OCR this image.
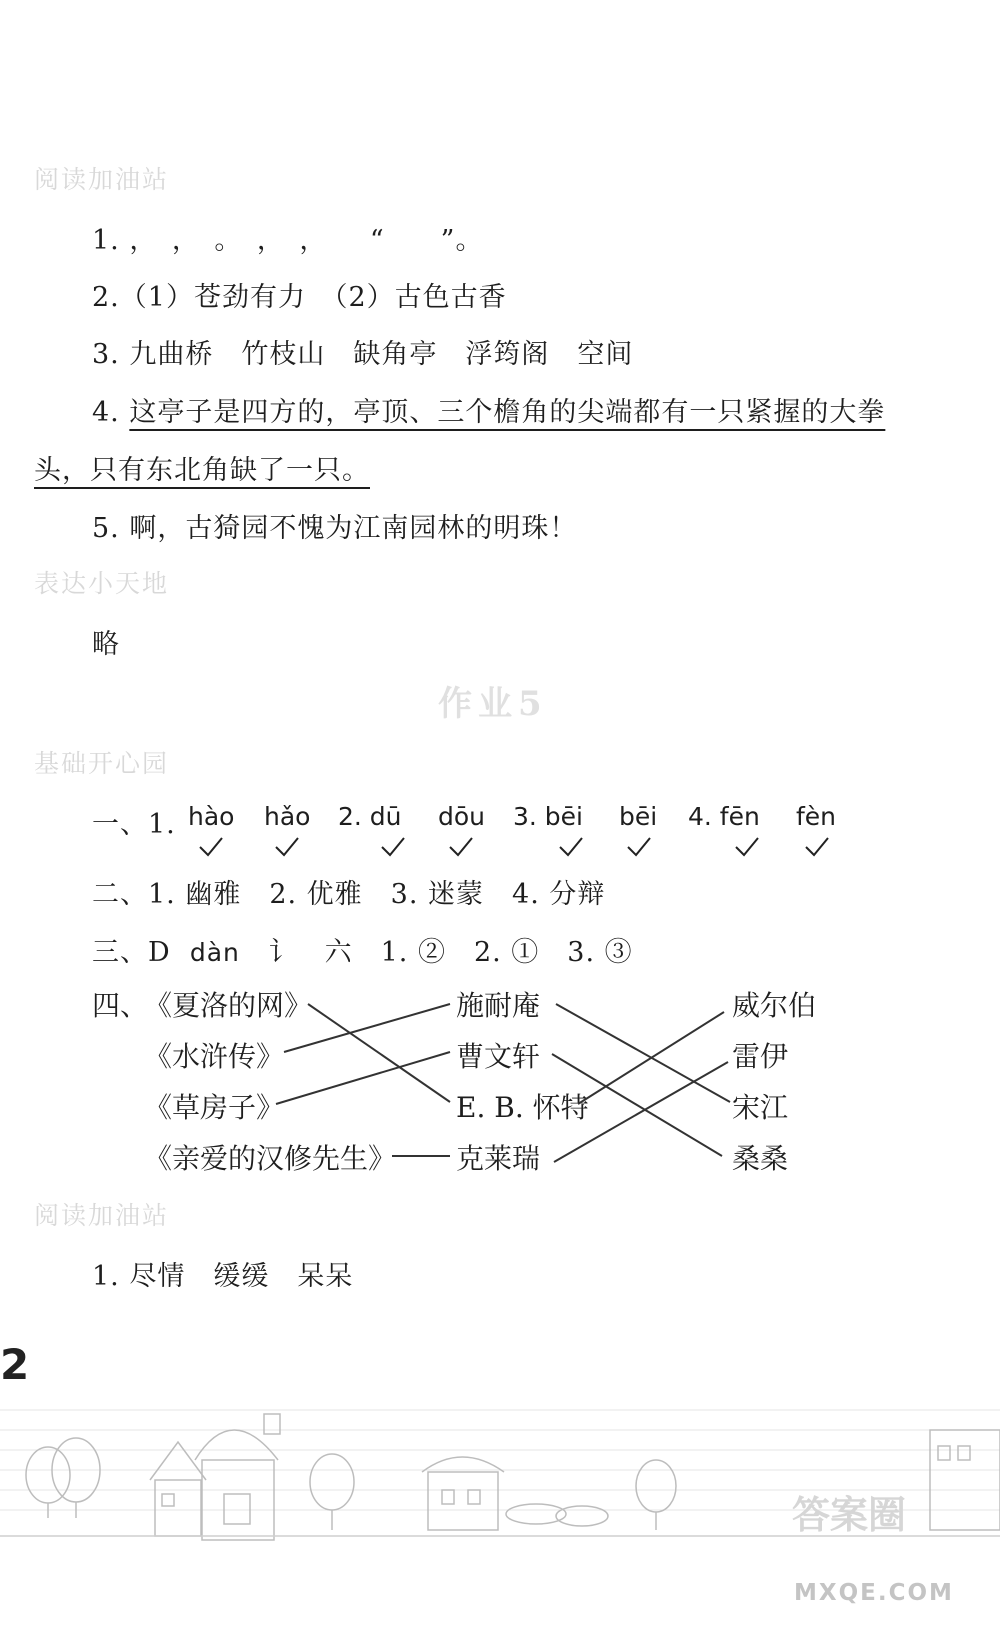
阅读加油站
1. ，　，　。　，　，　　“　　”。
2.（1）苍劲有力　（2）古色古香
3. 九曲桥　竹枝山　缺角亭　浮筠阁　空间
4. 这亭子是四方的，亭顶、三个檐角的尖端都有一只紧握的大拳
头，只有东北角缺了一只。
5. 啊，古猗园不愧为江南园林的明珠！
表达小天地
略
作业5
基础开心园
一、1. hào hǎo 2. dū dōu 3. bēi bēi 4. fēn fèn
二、1. 幽雅　2. 优雅　3. 迷蒙　4. 分辩
三、D dàn 讠　六　1. ②　2. ①　3. ③
四、
《夏洛的网》
《水浒传》
《草房子》
《亲爱的汉修先生》
施耐庵
曹文轩
E. B. 怀特
克莱瑞
威尔伯
雷伊
宋江
桑桑
阅读加油站
1. 尽情　缓缓　呆呆
2
答案圈
MXQE.COM
